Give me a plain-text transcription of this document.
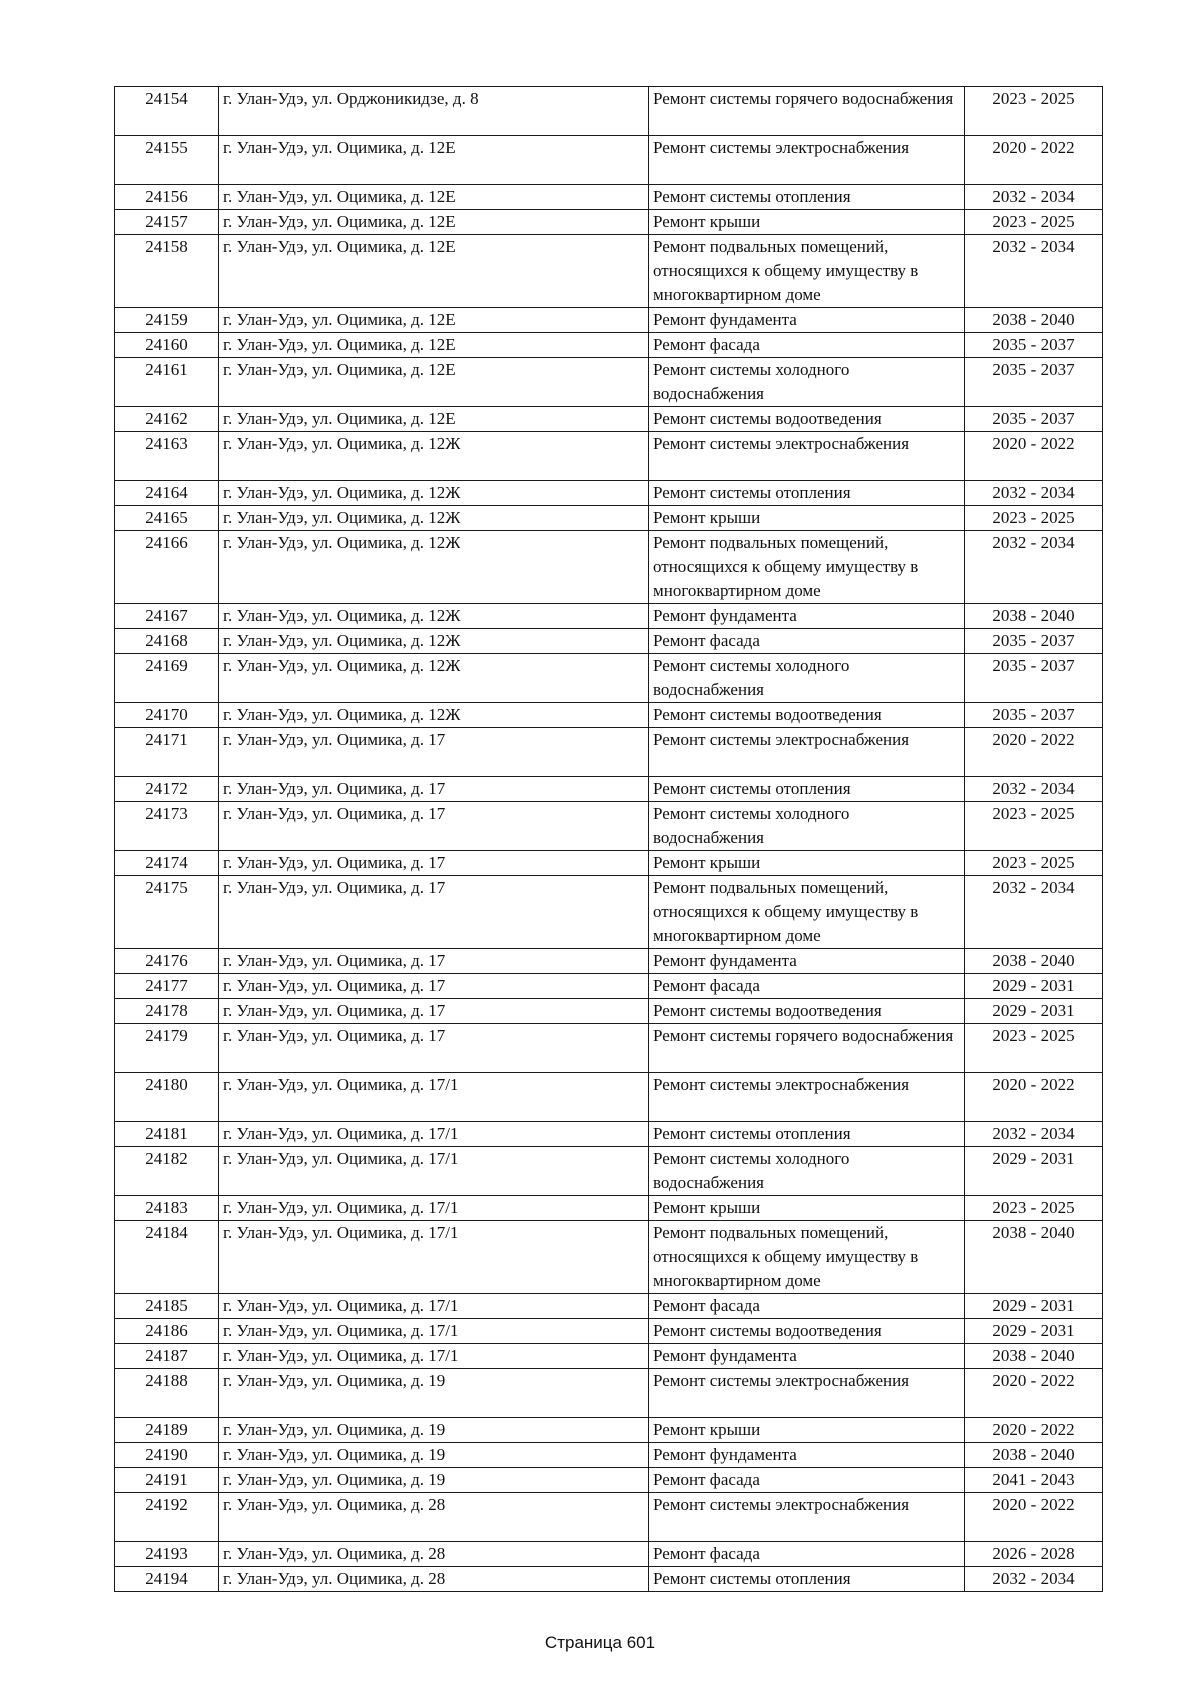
24154	г. Улан-Удэ, ул. Орджоникидзе, д. 8	Ремонт системы горячего водоснабжения	2023 - 2025
24155	г. Улан-Удэ, ул. Оцимика, д. 12Е	Ремонт системы электроснабжения	2020 - 2022
24156	г. Улан-Удэ, ул. Оцимика, д. 12Е	Ремонт системы отопления	2032 - 2034
24157	г. Улан-Удэ, ул. Оцимика, д. 12Е	Ремонт крыши	2023 - 2025
24158	г. Улан-Удэ, ул. Оцимика, д. 12Е	Ремонт подвальных помещений, относящихся к общему имуществу в многоквартирном доме	2032 - 2034
24159	г. Улан-Удэ, ул. Оцимика, д. 12Е	Ремонт фундамента	2038 - 2040
24160	г. Улан-Удэ, ул. Оцимика, д. 12Е	Ремонт фасада	2035 - 2037
24161	г. Улан-Удэ, ул. Оцимика, д. 12Е	Ремонт системы холодного водоснабжения	2035 - 2037
24162	г. Улан-Удэ, ул. Оцимика, д. 12Е	Ремонт системы водоотведения	2035 - 2037
24163	г. Улан-Удэ, ул. Оцимика, д. 12Ж	Ремонт системы электроснабжения	2020 - 2022
24164	г. Улан-Удэ, ул. Оцимика, д. 12Ж	Ремонт системы отопления	2032 - 2034
24165	г. Улан-Удэ, ул. Оцимика, д. 12Ж	Ремонт крыши	2023 - 2025
24166	г. Улан-Удэ, ул. Оцимика, д. 12Ж	Ремонт подвальных помещений, относящихся к общему имуществу в многоквартирном доме	2032 - 2034
24167	г. Улан-Удэ, ул. Оцимика, д. 12Ж	Ремонт фундамента	2038 - 2040
24168	г. Улан-Удэ, ул. Оцимика, д. 12Ж	Ремонт фасада	2035 - 2037
24169	г. Улан-Удэ, ул. Оцимика, д. 12Ж	Ремонт системы холодного водоснабжения	2035 - 2037
24170	г. Улан-Удэ, ул. Оцимика, д. 12Ж	Ремонт системы водоотведения	2035 - 2037
24171	г. Улан-Удэ, ул. Оцимика, д. 17	Ремонт системы электроснабжения	2020 - 2022
24172	г. Улан-Удэ, ул. Оцимика, д. 17	Ремонт системы отопления	2032 - 2034
24173	г. Улан-Удэ, ул. Оцимика, д. 17	Ремонт системы холодного водоснабжения	2023 - 2025
24174	г. Улан-Удэ, ул. Оцимика, д. 17	Ремонт крыши	2023 - 2025
24175	г. Улан-Удэ, ул. Оцимика, д. 17	Ремонт подвальных помещений, относящихся к общему имуществу в многоквартирном доме	2032 - 2034
24176	г. Улан-Удэ, ул. Оцимика, д. 17	Ремонт фундамента	2038 - 2040
24177	г. Улан-Удэ, ул. Оцимика, д. 17	Ремонт фасада	2029 - 2031
24178	г. Улан-Удэ, ул. Оцимика, д. 17	Ремонт системы водоотведения	2029 - 2031
24179	г. Улан-Удэ, ул. Оцимика, д. 17	Ремонт системы горячего водоснабжения	2023 - 2025
24180	г. Улан-Удэ, ул. Оцимика, д. 17/1	Ремонт системы электроснабжения	2020 - 2022
24181	г. Улан-Удэ, ул. Оцимика, д. 17/1	Ремонт системы отопления	2032 - 2034
24182	г. Улан-Удэ, ул. Оцимика, д. 17/1	Ремонт системы холодного водоснабжения	2029 - 2031
24183	г. Улан-Удэ, ул. Оцимика, д. 17/1	Ремонт крыши	2023 - 2025
24184	г. Улан-Удэ, ул. Оцимика, д. 17/1	Ремонт подвальных помещений, относящихся к общему имуществу в многоквартирном доме	2038 - 2040
24185	г. Улан-Удэ, ул. Оцимика, д. 17/1	Ремонт фасада	2029 - 2031
24186	г. Улан-Удэ, ул. Оцимика, д. 17/1	Ремонт системы водоотведения	2029 - 2031
24187	г. Улан-Удэ, ул. Оцимика, д. 17/1	Ремонт фундамента	2038 - 2040
24188	г. Улан-Удэ, ул. Оцимика, д. 19	Ремонт системы электроснабжения	2020 - 2022
24189	г. Улан-Удэ, ул. Оцимика, д. 19	Ремонт крыши	2020 - 2022
24190	г. Улан-Удэ, ул. Оцимика, д. 19	Ремонт фундамента	2038 - 2040
24191	г. Улан-Удэ, ул. Оцимика, д. 19	Ремонт фасада	2041 - 2043
24192	г. Улан-Удэ, ул. Оцимика, д. 28	Ремонт системы электроснабжения	2020 - 2022
24193	г. Улан-Удэ, ул. Оцимика, д. 28	Ремонт фасада	2026 - 2028
24194	г. Улан-Удэ, ул. Оцимика, д. 28	Ремонт системы отопления	2032 - 2034
Страница 601
